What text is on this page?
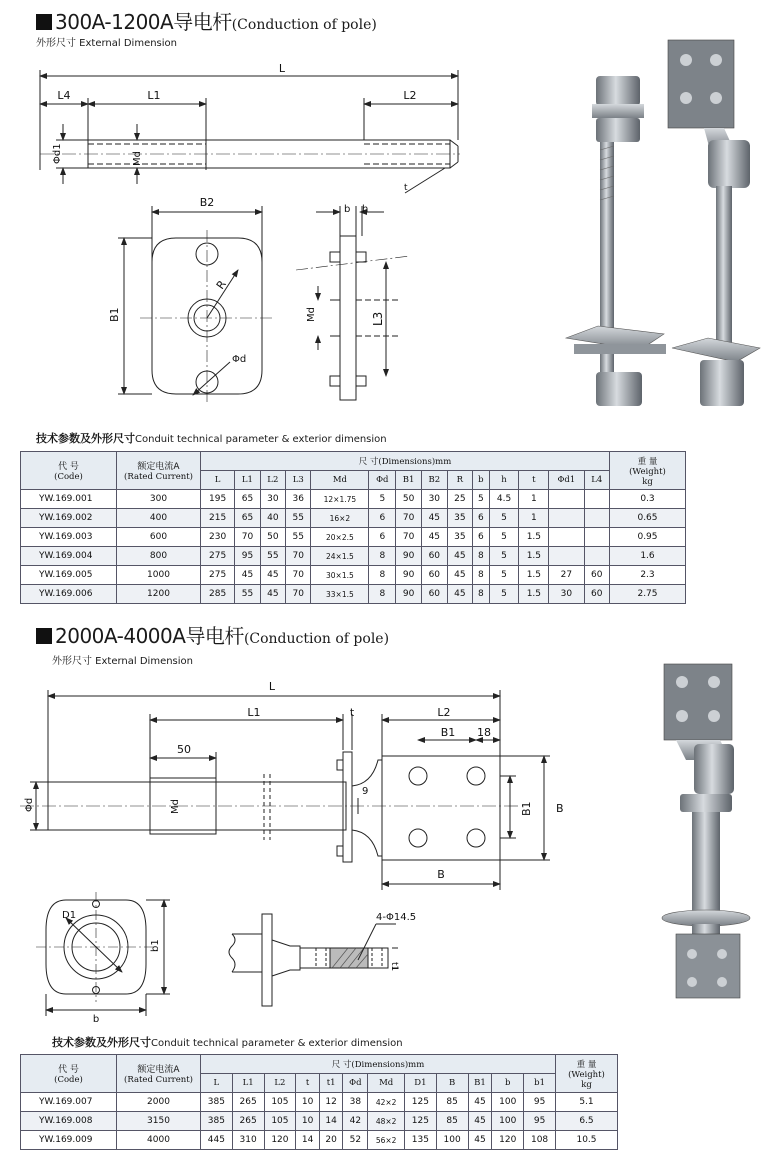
300A-1200A导电杆(Conduction of pole)
外形尺寸 External Dimension
L
L4	L1	L2
Φd1	Md
t
B2
B1
R
Φd
b h
Md	L3
技术参数及外形尺寸Conduit technical parameter & exterior dimension
代 号
(Code)	额定电流A
(Rated Current)	尺 寸(Dimensions)mm														重 量
(Weight)
kg
		L	L1	L2	L3	Md	Φd	B1	B2	R	b	h	t	Φd1	L4	
YW.169.001	300	195	65	30	36	12×1.75	5	50	30	25	5	4.5	1			0.3
YW.169.002	400	215	65	40	55	16×2	6	70	45	35	6	5	1			0.65
YW.169.003	600	230	70	50	55	20×2.5	6	70	45	35	6	5	1.5			0.95
YW.169.004	800	275	95	55	70	24×1.5	8	90	60	45	8	5	1.5			1.6
YW.169.005	1000	275	45	45	70	30×1.5	8	90	60	45	8	5	1.5	27	60	2.3
YW.169.006	1200	285	55	45	70	33×1.5	8	90	60	45	8	5	1.5	30	60	2.75
2000A-4000A导电杆(Conduction of pole)
外形尺寸 External Dimension
L
L1	t	L2
B1 18
50
Φd	Md
9
B1 B
B
D1
b1
b
4-Φ14.5
t1
技术参数及外形尺寸Conduit technical parameter & exterior dimension
代 号
(Code)	额定电流A
(Rated Current)	尺 寸(Dimensions)mm												重 量
(Weight)
kg
		L	L1	L2	t	t1	Φd	Md	D1	B	B1	b	b1	
YW.169.007	2000	385	265	105	10	12	38	42×2	125	85	45	100	95	5.1
YW.169.008	3150	385	265	105	10	14	42	48×2	125	85	45	100	95	6.5
YW.169.009	4000	445	310	120	14	20	52	56×2	135	100	45	120	108	10.5
